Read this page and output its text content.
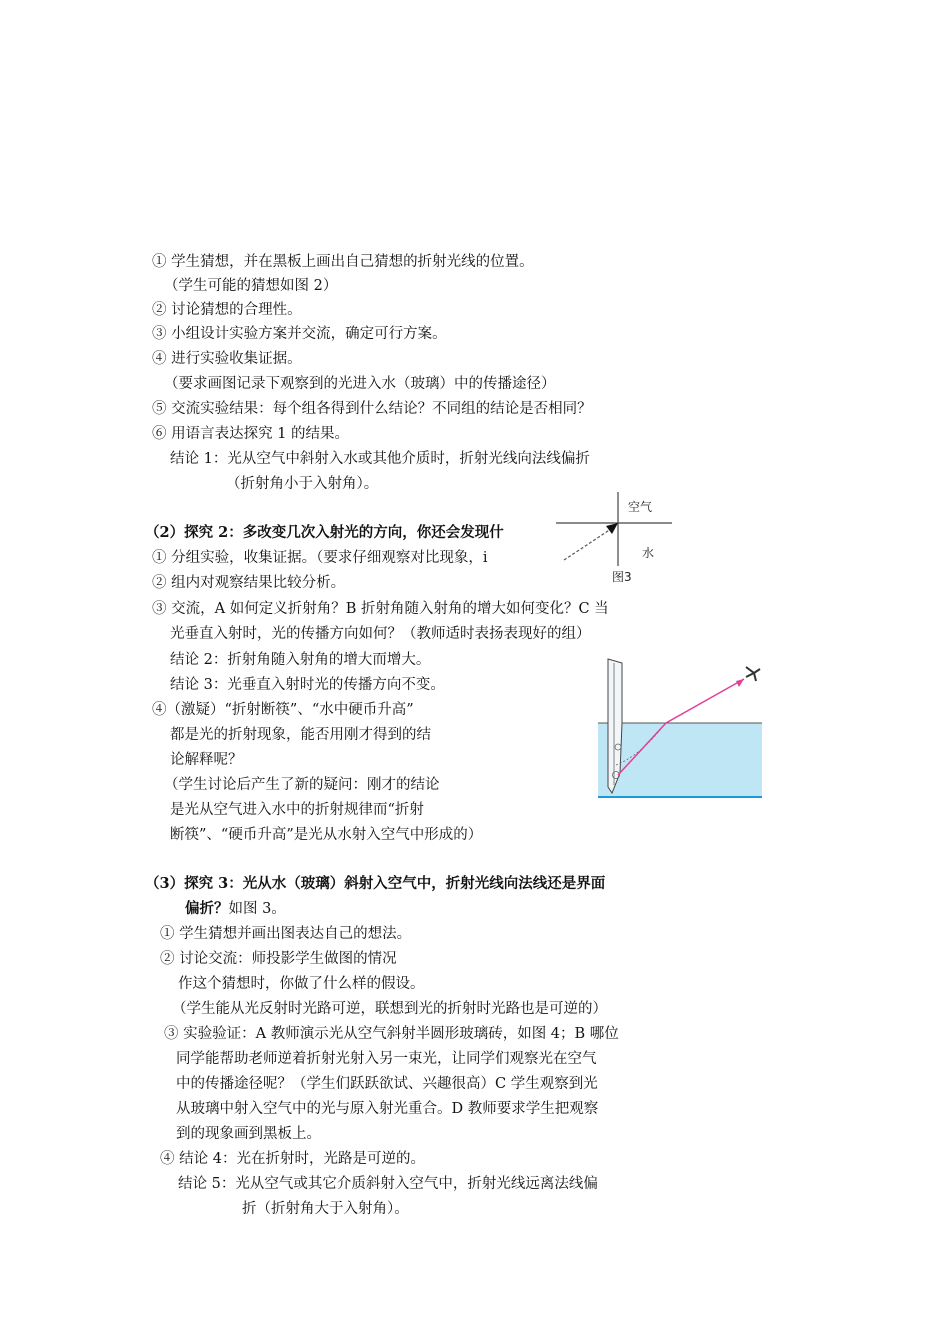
① 学生猜想，并在黑板上画出自己猜想的折射光线的位置。

（学生可能的猜想如图 2）

② 讨论猜想的合理性。

③ 小组设计实验方案并交流，确定可行方案。

④ 进行实验收集证据。

（要求画图记录下观察到的光进入水（玻璃）中的传播途径）

⑤ 交流实验结果：每个组各得到什么结论？不同组的结论是否相同？

⑥ 用语言表达探究 1 的结果。

结论 1：光从空气中斜射入水或其他介质时，折射光线向法线偏折

（折射角小于入射角）。

（2）探究 2：多改变几次入射光的方向，你还会发现什

① 分组实验，收集证据。（要求仔细观察对比现象，i

② 组内对观察结果比较分析。

③ 交流，A 如何定义折射角？B 折射角随入射角的增大如何变化？C 当

光垂直入射时，光的传播方向如何？（教师适时表扬表现好的组）

结论 2：折射角随入射角的增大而增大。

结论 3：光垂直入射时光的传播方向不变。

④（激疑）“折射断筷”、“水中硬币升高”

都是光的折射现象，能否用刚才得到的结

论解释呢？

（学生讨论后产生了新的疑问：刚才的结论

是光从空气进入水中的折射规律而“折射

断筷”、“硬币升高”是光从水射入空气中形成的）

（3）探究 3：光从水（玻璃）斜射入空气中，折射光线向法线还是界面

偏折？如图 3。

① 学生猜想并画出图表达自己的想法。

② 讨论交流：师投影学生做图的情况

作这个猜想时，你做了什么样的假设。

（学生能从光反射时光路可逆，联想到光的折射时光路也是可逆的）

③ 实验验证：A 教师演示光从空气斜射半圆形玻璃砖，如图 4；B 哪位

同学能帮助老师逆着折射光射入另一束光，让同学们观察光在空气

中的传播途径呢？（学生们跃跃欲试、兴趣很高）C 学生观察到光

从玻璃中射入空气中的光与原入射光重合。D 教师要求学生把观察

到的现象画到黑板上。

④ 结论 4：光在折射时，光路是可逆的。

结论 5：光从空气或其它介质斜射入空气中，折射光线远离法线偏

折（折射角大于入射角）。

空气
水
图3
